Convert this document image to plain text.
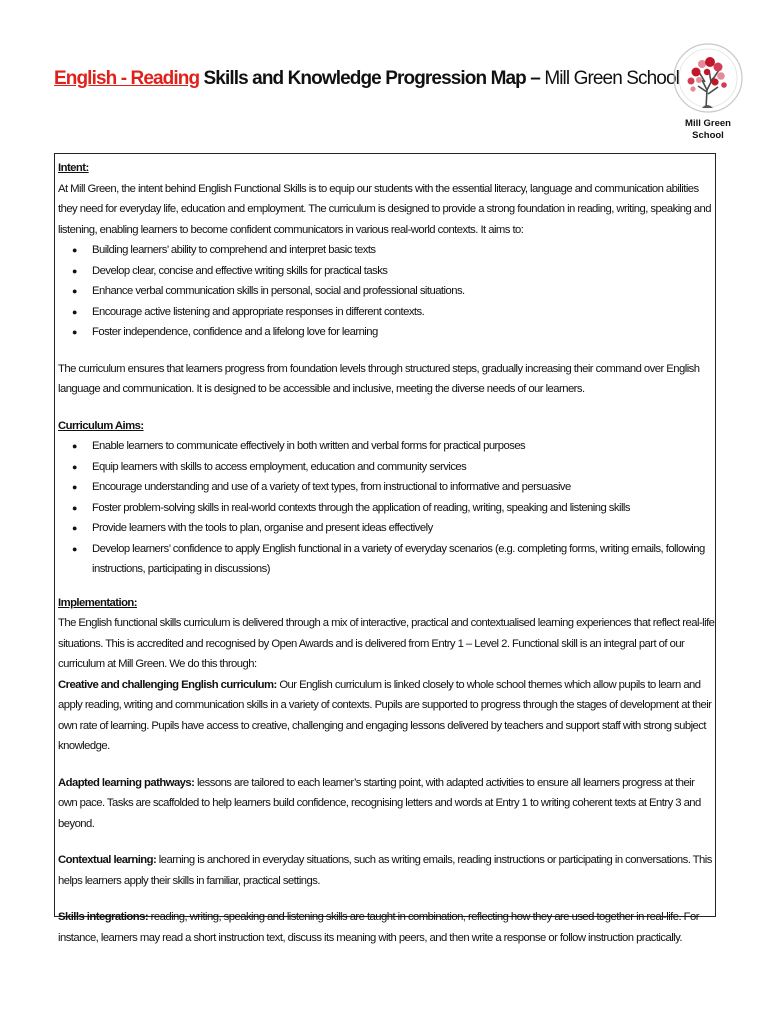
English - Reading Skills and Knowledge Progression Map – Mill Green School
Mill Green
School

Intent:

At Mill Green, the intent behind English Functional Skills is to equip our students with the essential literacy, language and communication abilities they need for everyday life, education and employment. The curriculum is designed to provide a strong foundation in reading, writing, speaking and listening, enabling learners to become confident communicators in various real-world contexts. It aims to:

● Building learners’ ability to comprehend and interpret basic texts
● Develop clear, concise and effective writing skills for practical tasks
● Enhance verbal communication skills in personal, social and professional situations.
● Encourage active listening and appropriate responses in different contexts.
● Foster independence, confidence and a lifelong love for learning

The curriculum ensures that learners progress from foundation levels through structured steps, gradually increasing their command over English language and communication. It is designed to be accessible and inclusive, meeting the diverse needs of our learners.

Curriculum Aims:

● Enable learners to communicate effectively in both written and verbal forms for practical purposes
● Equip learners with skills to access employment, education and community services
● Encourage understanding and use of a variety of text types, from instructional to informative and persuasive
● Foster problem-solving skills in real-world contexts through the application of reading, writing, speaking and listening skills
● Provide learners with the tools to plan, organise and present ideas effectively
● Develop learners’ confidence to apply English functional in a variety of everyday scenarios (e.g. completing forms, writing emails, following instructions, participating in discussions)

Implementation:

The English functional skills curriculum is delivered through a mix of interactive, practical and contextualised learning experiences that reflect real-life situations. This is accredited and recognised by Open Awards and is delivered from Entry 1 – Level 2. Functional skill is an integral part of our curriculum at Mill Green. We do this through:

Creative and challenging English curriculum: Our English curriculum is linked closely to whole school themes which allow pupils to learn and apply reading, writing and communication skills in a variety of contexts. Pupils are supported to progress through the stages of development at their own rate of learning. Pupils have access to creative, challenging and engaging lessons delivered by teachers and support staff with strong subject knowledge.

Adapted learning pathways: lessons are tailored to each learner’s starting point, with adapted activities to ensure all learners progress at their own pace. Tasks are scaffolded to help learners build confidence, recognising letters and words at Entry 1 to writing coherent texts at Entry 3 and beyond.

Contextual learning: learning is anchored in everyday situations, such as writing emails, reading instructions or participating in conversations. This helps learners apply their skills in familiar, practical settings.

Skills integrations: reading, writing, speaking and listening skills are taught in combination, reflecting how they are used together in real-life. For instance, learners may read a short instruction text, discuss its meaning with peers, and then write a response or follow instruction practically.
